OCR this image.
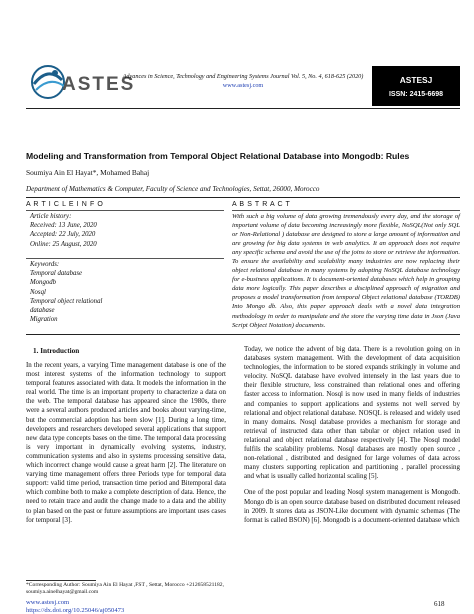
ASTES
Advances in Science, Technology and Engineering Systems Journal Vol. 5, No. 4, 618-625 (2020)
www.astesj.com
ASTESJ
ISSN: 2415-6698
Modeling and Transformation from Temporal Object Relational Database into Mongodb: Rules
Soumiya Ain El Hayat*, Mohamed Bahaj
Department of Mathematics & Computer, Faculty of Science and Technologies, Settat, 26000, Morocco
A R T I C L E I N F O
Article history:
Received: 13 June, 2020
Accepted: 22 July, 2020
Online: 25 August, 2020
Keywords:
Temporal database
Mongodb
Nosql
Temporal object relational
database
Migration
A B S T R A C T
With such a big volume of data growing tremendously every day, and the storage of important volume of data becoming increasingly more flexible, NoSQL(Not only SQL or Non-Relational ) database are designed to store a large amount of information and are growing for big data systems in web analytics. It an approach does not require any specific schema and avoid the use of the joins to store or retrieve the information. To ensure the availability and scalability many industries are now replacing their object relational database in many systems by adopting NoSQL database technology for e-business applications. It is document-oriented databases which help in grouping data more logically. This paper describes a disciplined approach of migration and proposes a model transformation from temporal Object relational database (TORDB) Into Mongo db. Also, this paper approach deals with a novel data integration methodology in order to manipulate and the store the varying time data in Json (Java Script Object Notation) documents.
1. Introduction

In the recent years, a varying Time management database is one of the most interest systems of the information technology to support temporal features associated with data. It models the information in the real world. The time is an important property to characterize a data on the web. The temporal database has appeared since the 1980s, there were a several authors produced articles and books about varying-time, but the commercial adoption has been slow [1]. During a long time, developers and researchers developed several applications that support new data type concepts bases on the time. The temporal data processing is very important in dynamically evolving systems, industry, communication systems and also in systems processing sensitive data, which incorrect change would cause a great harm [2]. The literature on varying time management offers three Periods type for temporal data support: valid time period, transaction time period and Bitemporal data which combine both to make a complete description of data. Hence, the need to retain trace and audit the change made to a data and the ability to plan based on the past or future assumptions are important uses cases for temporal [3].

Today, we notice the advent of big data. There is a revolution going on in databases system management. With the development of data acquisition technologies, the information to be stored expands strikingly in volume and velocity. NoSQL database have evolved intensely in the last years due to their flexible structure, less constrained than relational ones and offering faster access to information. Nosql is now used in many fields of industries and companies to support applications and systems not well served by relational and object relational database. NOSQL is released and widely used in many domains. Nosql database provides a mechanism for storage and retrieval of instructed data other than tabular or object relation used in relational and object relational database respectively [4]. The Nosql model fulfils the scalability problems. Nosql databases are mostly open source , non-relational , distributed and designed for large volumes of data across many clusters supporting replication and partitioning , parallel processing and what is usually called horizontal scaling [5].

One of the post popular and leading Nosql system management is Mongodb. Mongo db is an open source database based on distributed document released in 2009. It stores data as JSON-Like document with dynamic schemas (The format is called BSON) [6]. Mongodb is a document-oriented database which

*Corresponding Author: Soumiya Ain El Hayat ,FST , Settat, Morocco +212658521182, soumiya.ainelhayat@gmail.com
www.astesj.com
https://dx.doi.org/10.25046/aj050473
618
